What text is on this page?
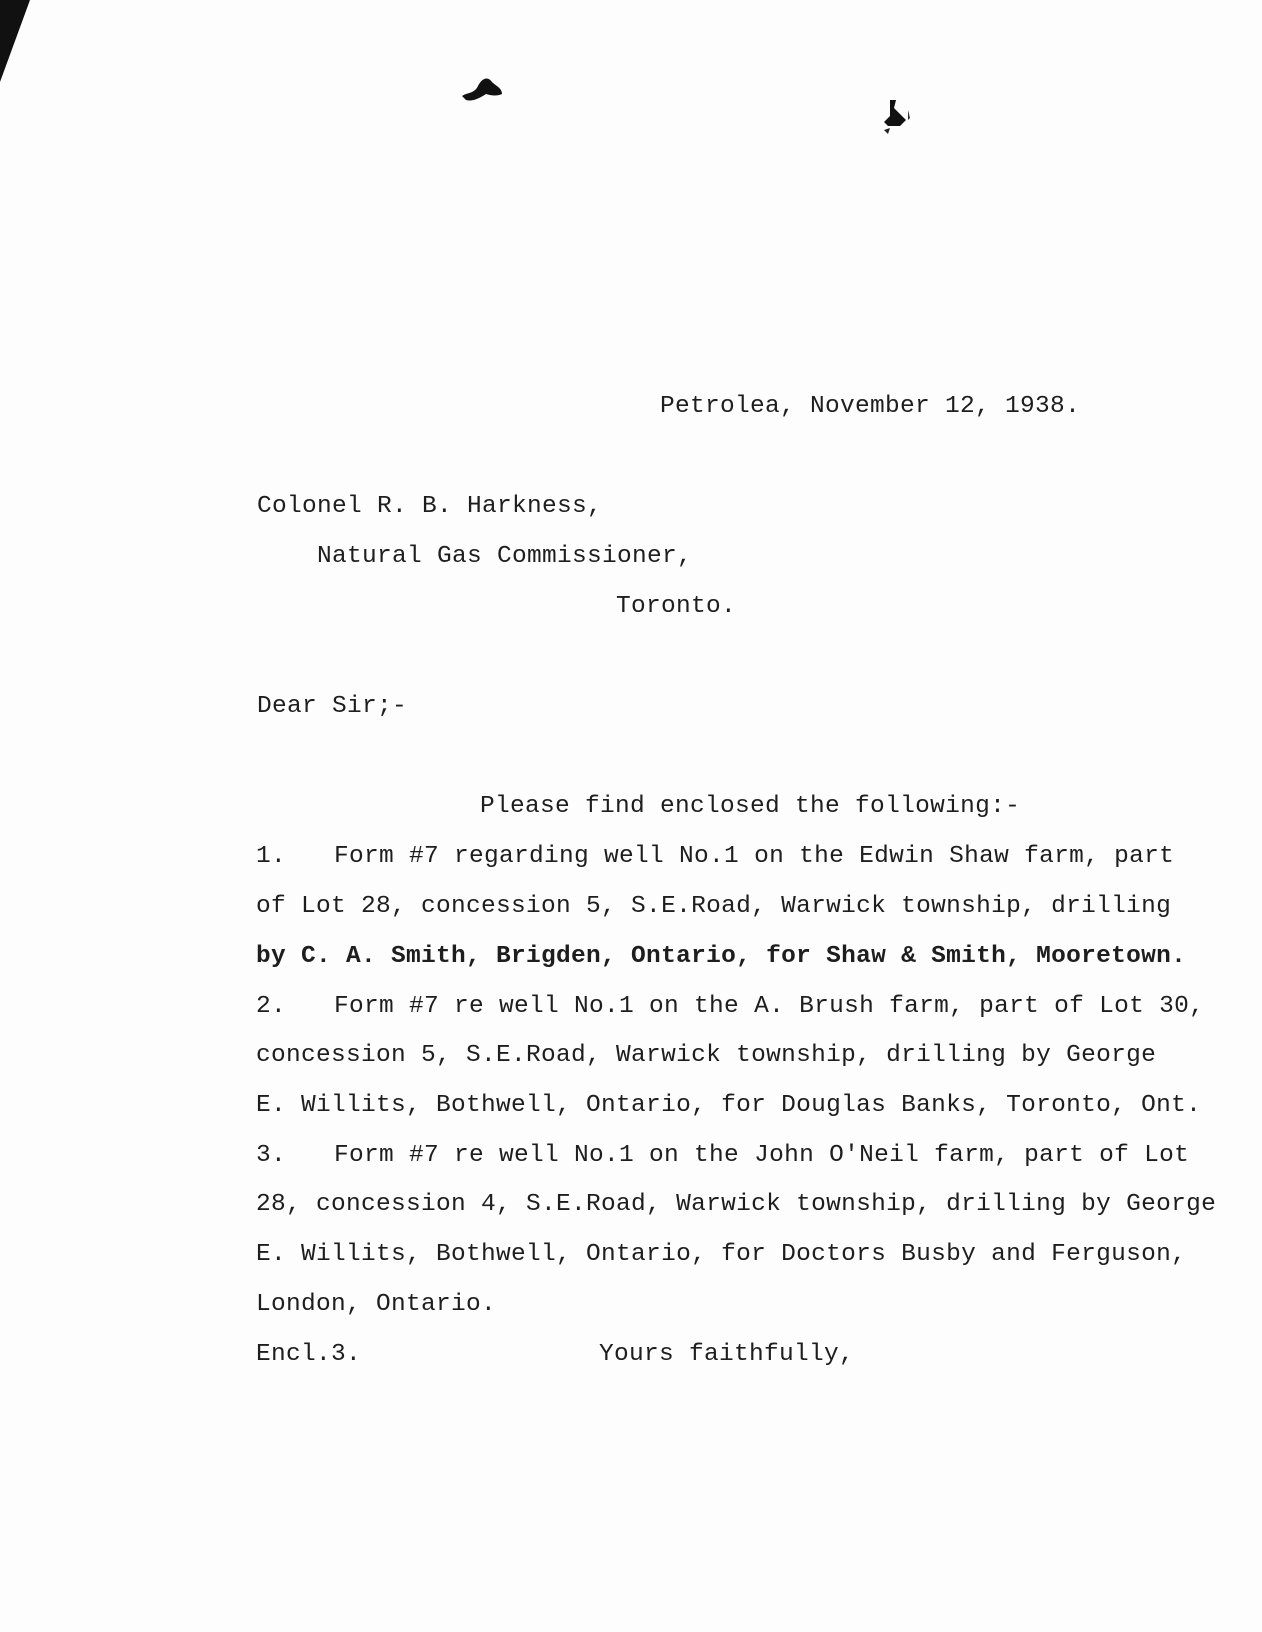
Petrolea, November 12, 1938.
Colonel R. B. Harkness,
Natural Gas Commissioner,
Toronto.
Dear Sir;-
Please find enclosed the following:-
1. Form #7 regarding well No.1 on the Edwin Shaw farm, part
of Lot 28, concession 5, S.E.Road, Warwick township, drilling
by C. A. Smith, Brigden, Ontario, for Shaw & Smith, Mooretown.
2. Form #7 re well No.1 on the A. Brush farm, part of Lot 30,
concession 5, S.E.Road, Warwick township, drilling by George
E. Willits, Bothwell, Ontario, for Douglas Banks, Toronto, Ont.
3. Form #7 re well No.1 on the John O'Neil farm, part of Lot
28, concession 4, S.E.Road, Warwick township, drilling by George
E. Willits, Bothwell, Ontario, for Doctors Busby and Ferguson,
London, Ontario.
Encl.3.	Yours faithfully,
